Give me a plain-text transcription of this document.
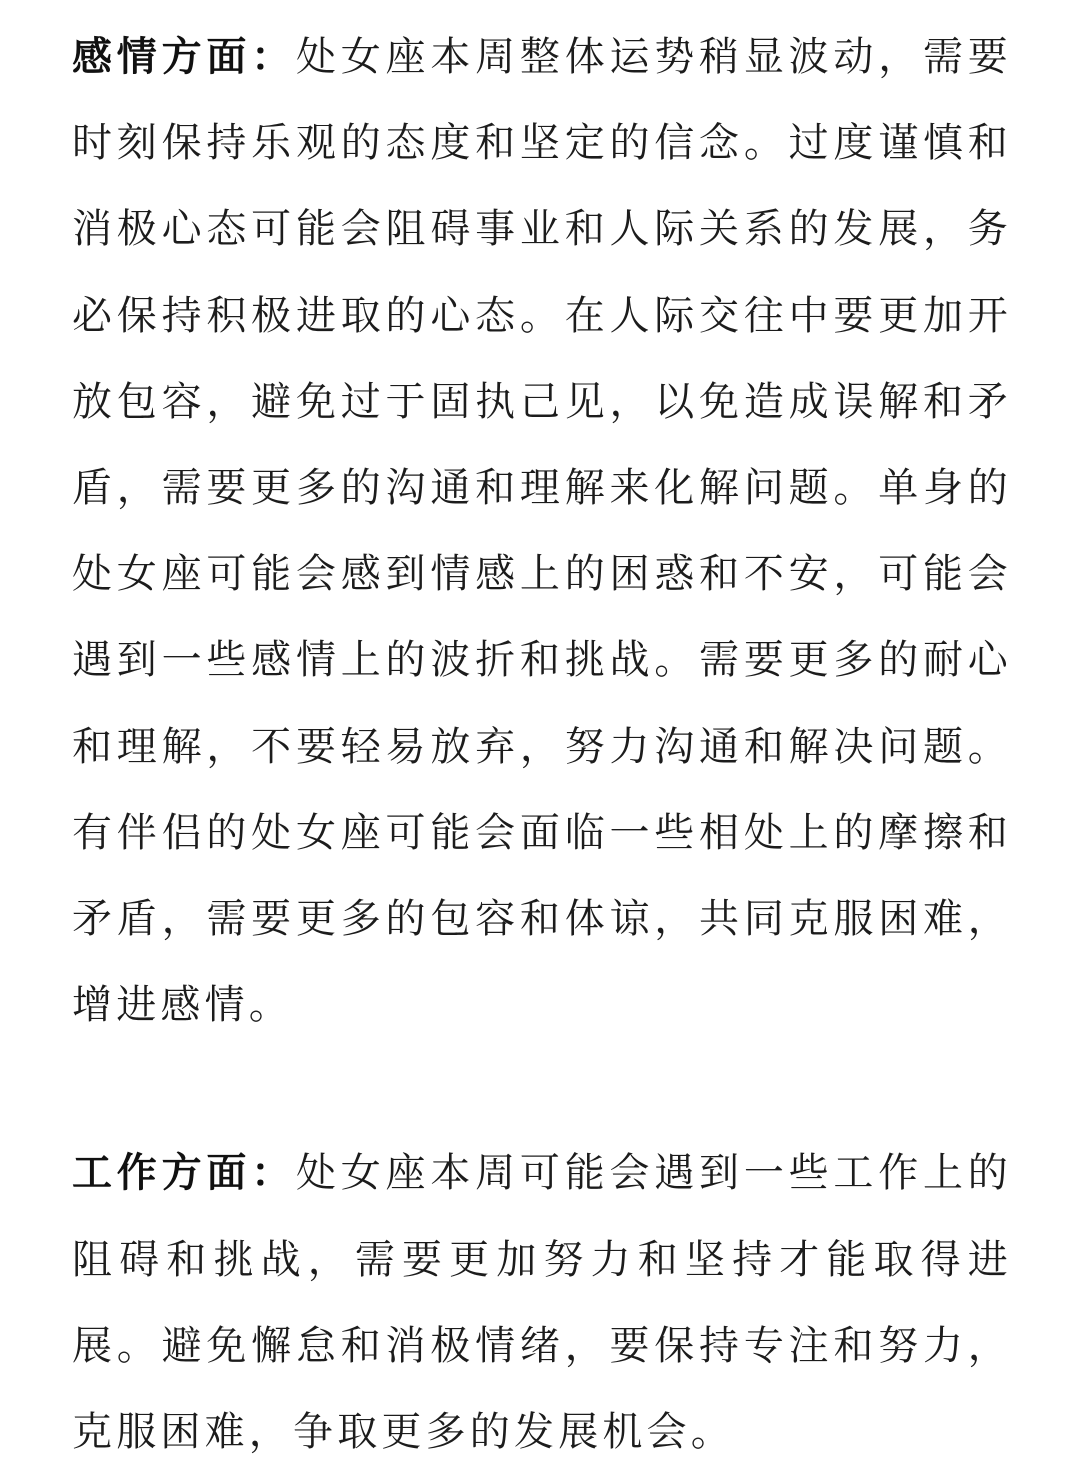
感情方面：处女座本周整体运势稍显波动，需要时刻保持乐观的态度和坚定的信念。过度谨慎和消极心态可能会阻碍事业和人际关系的发展，务必保持积极进取的心态。在人际交往中要更加开放包容，避免过于固执己见，以免造成误解和矛盾，需要更多的沟通和理解来化解问题。单身的处女座可能会感到情感上的困惑和不安，可能会遇到一些感情上的波折和挑战。需要更多的耐心和理解，不要轻易放弃，努力沟通和解决问题。有伴侣的处女座可能会面临一些相处上的摩擦和矛盾，需要更多的包容和体谅，共同克服困难，增进感情。

工作方面：处女座本周可能会遇到一些工作上的阻碍和挑战，需要更加努力和坚持才能取得进展。避免懈怠和消极情绪，要保持专注和努力，克服困难，争取更多的发展机会。
